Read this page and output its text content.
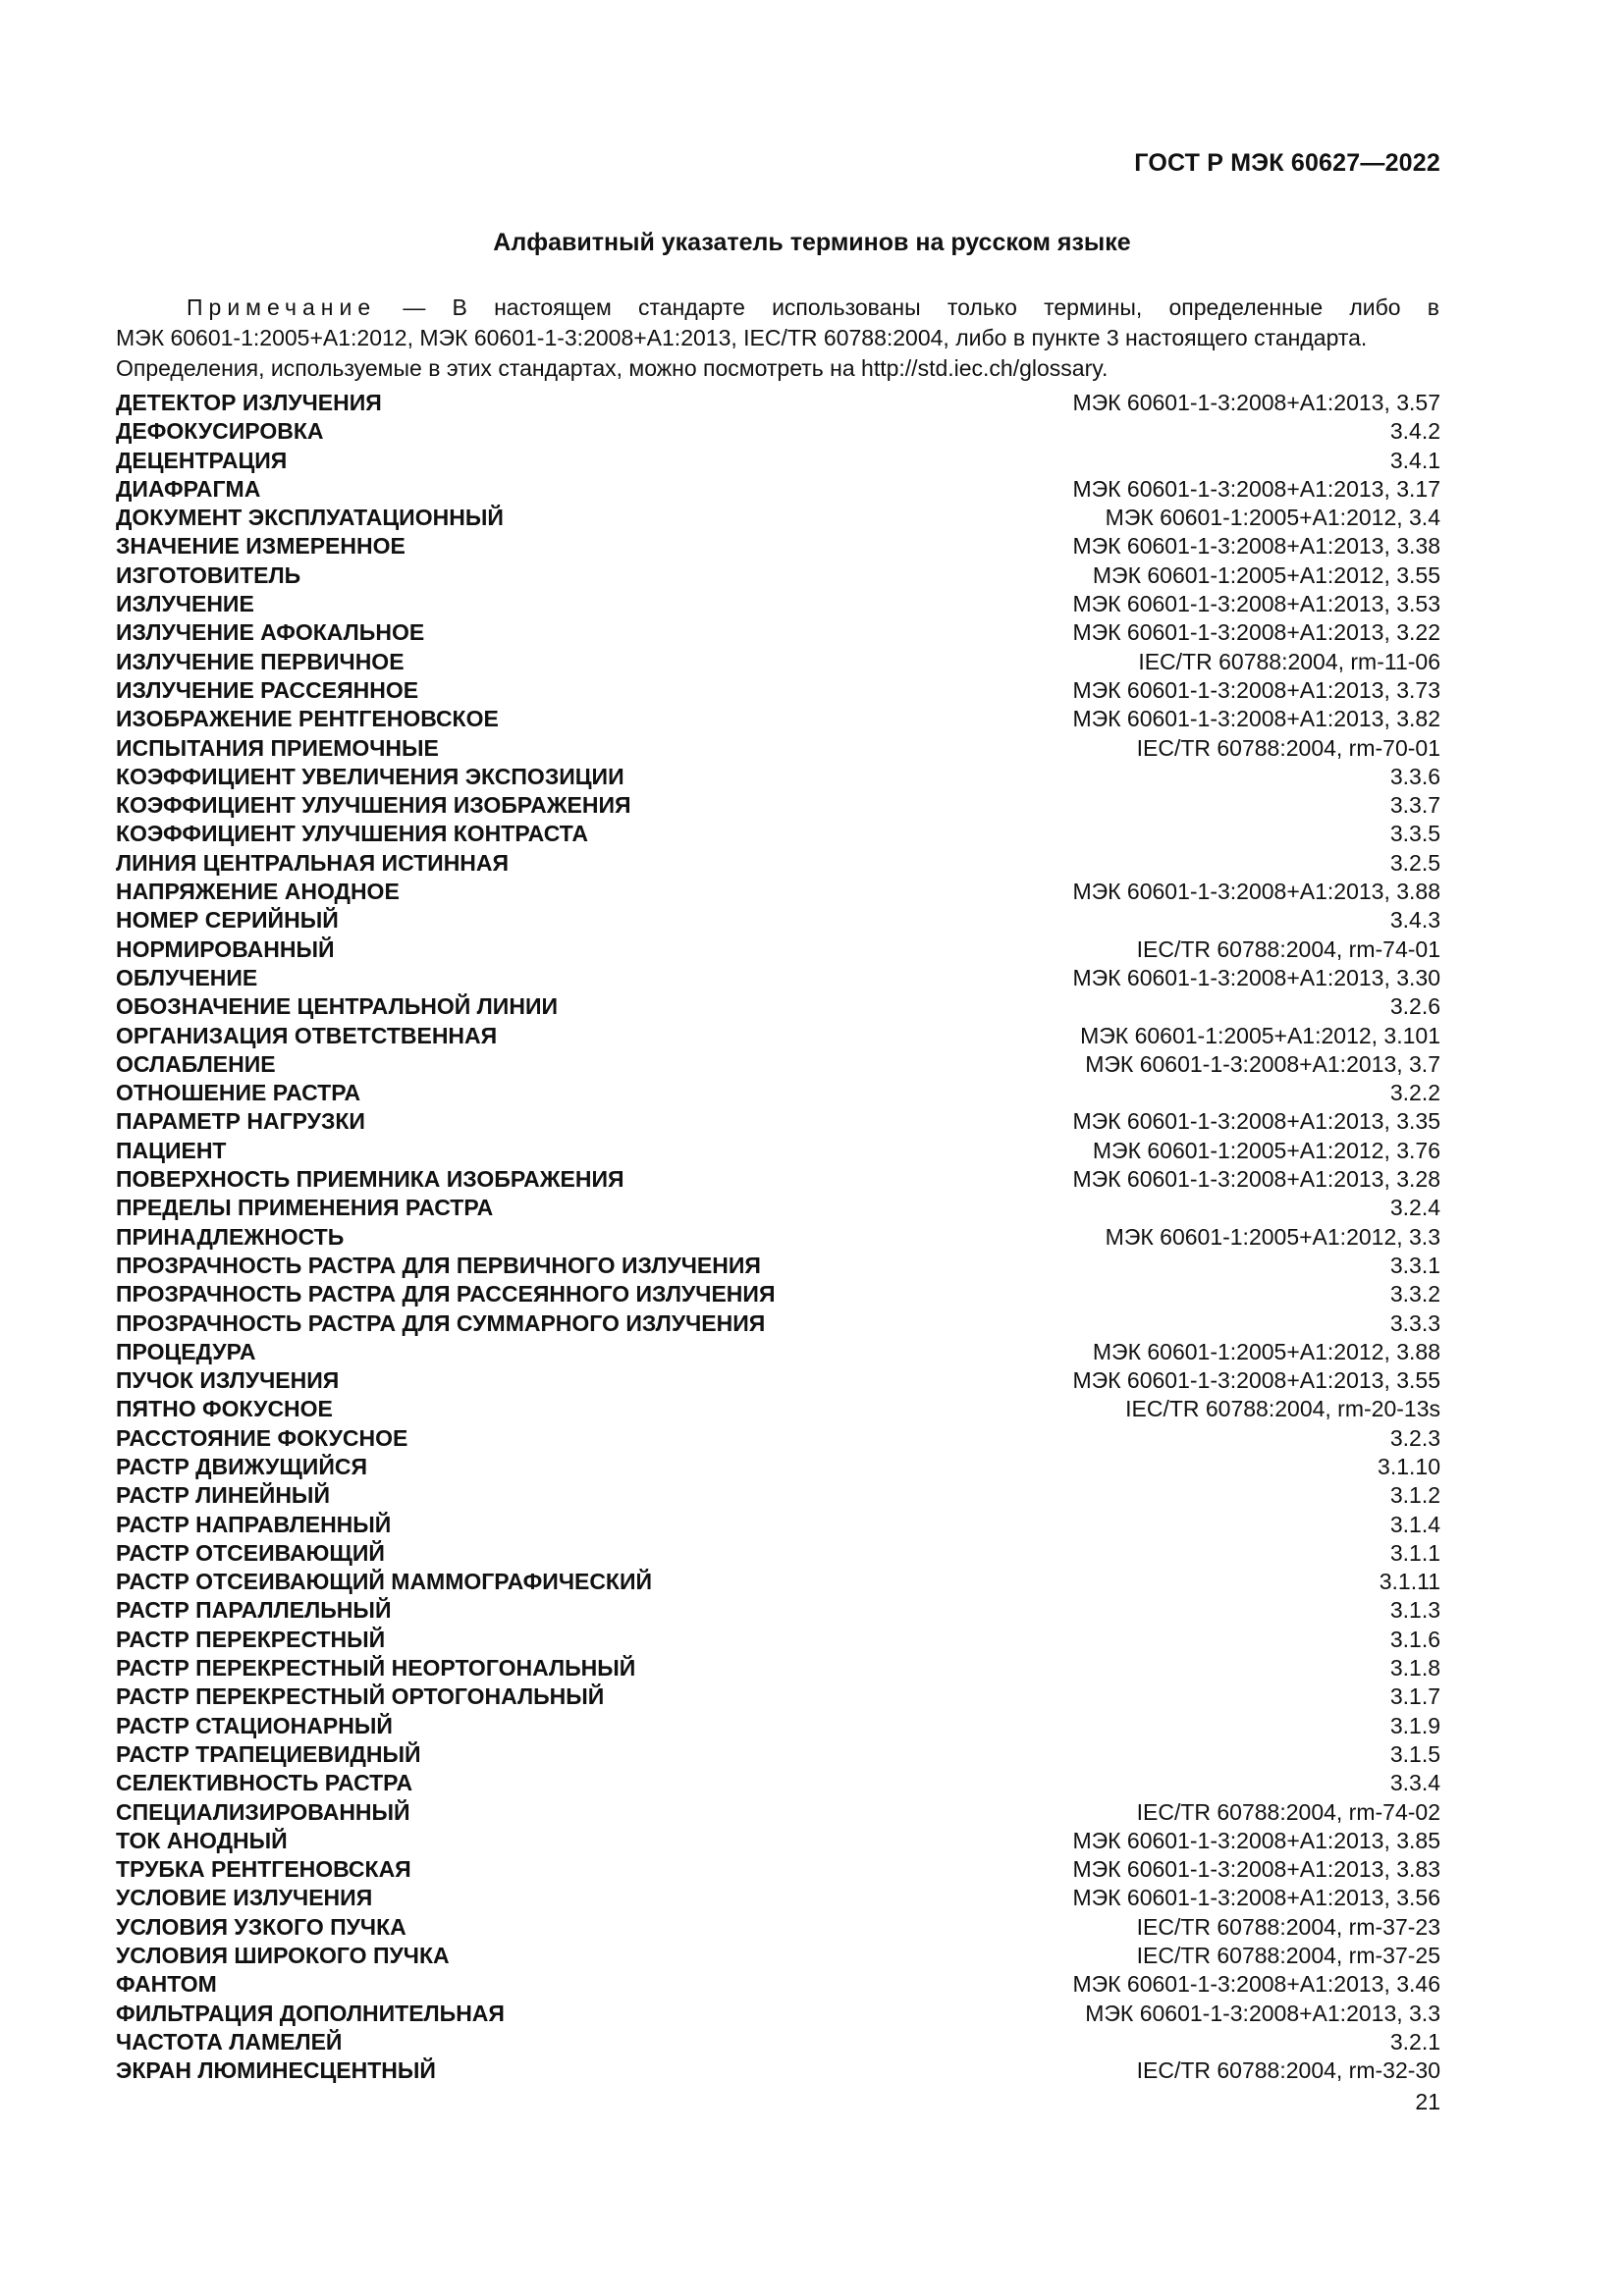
ГОСТ Р МЭК 60627—2022
Алфавитный указатель терминов на русском языке
Примечание — В настоящем стандарте использованы только термины, определенные либо в
МЭК 60601-1:2005+А1:2012, МЭК 60601-1-3:2008+А1:2013, IEC/TR 60788:2004, либо в пункте 3 настоящего стандарта.
Определения, используемые в этих стандартах, можно посмотреть на http://std.iec.ch/glossary.
ДЕТЕКТОР ИЗЛУЧЕНИЯ	МЭК 60601-1-3:2008+А1:2013, 3.57
ДЕФОКУСИРОВКА	3.4.2
ДЕЦЕНТРАЦИЯ	3.4.1
ДИАФРАГМА	МЭК 60601-1-3:2008+А1:2013, 3.17
ДОКУМЕНТ ЭКСПЛУАТАЦИОННЫЙ	МЭК 60601-1:2005+А1:2012, 3.4
ЗНАЧЕНИЕ ИЗМЕРЕННОЕ	МЭК 60601-1-3:2008+А1:2013, 3.38
ИЗГОТОВИТЕЛЬ	МЭК 60601-1:2005+А1:2012, 3.55
ИЗЛУЧЕНИЕ	МЭК 60601-1-3:2008+А1:2013, 3.53
ИЗЛУЧЕНИЕ АФОКАЛЬНОЕ	МЭК 60601-1-3:2008+А1:2013, 3.22
ИЗЛУЧЕНИЕ ПЕРВИЧНОЕ	IEC/TR 60788:2004, rm-11-06
ИЗЛУЧЕНИЕ РАССЕЯННОЕ	МЭК 60601-1-3:2008+А1:2013, 3.73
ИЗОБРАЖЕНИЕ РЕНТГЕНОВСКОЕ	МЭК 60601-1-3:2008+А1:2013, 3.82
ИСПЫТАНИЯ ПРИЕМОЧНЫЕ	IEC/TR 60788:2004, rm-70-01
КОЭФФИЦИЕНТ УВЕЛИЧЕНИЯ ЭКСПОЗИЦИИ	3.3.6
КОЭФФИЦИЕНТ УЛУЧШЕНИЯ ИЗОБРАЖЕНИЯ	3.3.7
КОЭФФИЦИЕНТ УЛУЧШЕНИЯ КОНТРАСТА	3.3.5
ЛИНИЯ ЦЕНТРАЛЬНАЯ ИСТИННАЯ	3.2.5
НАПРЯЖЕНИЕ АНОДНОЕ	МЭК 60601-1-3:2008+А1:2013, 3.88
НОМЕР СЕРИЙНЫЙ	3.4.3
НОРМИРОВАННЫЙ	IEC/TR 60788:2004, rm-74-01
ОБЛУЧЕНИЕ	МЭК 60601-1-3:2008+А1:2013, 3.30
ОБОЗНАЧЕНИЕ ЦЕНТРАЛЬНОЙ ЛИНИИ	3.2.6
ОРГАНИЗАЦИЯ ОТВЕТСТВЕННАЯ	МЭК 60601-1:2005+А1:2012, 3.101
ОСЛАБЛЕНИЕ	МЭК 60601-1-3:2008+А1:2013, 3.7
ОТНОШЕНИЕ РАСТРА	3.2.2
ПАРАМЕТР НАГРУЗКИ	МЭК 60601-1-3:2008+А1:2013, 3.35
ПАЦИЕНТ	МЭК 60601-1:2005+А1:2012, 3.76
ПОВЕРХНОСТЬ ПРИЕМНИКА ИЗОБРАЖЕНИЯ	МЭК 60601-1-3:2008+А1:2013, 3.28
ПРЕДЕЛЫ ПРИМЕНЕНИЯ РАСТРА	3.2.4
ПРИНАДЛЕЖНОСТЬ	МЭК 60601-1:2005+А1:2012, 3.3
ПРОЗРАЧНОСТЬ РАСТРА ДЛЯ ПЕРВИЧНОГО ИЗЛУЧЕНИЯ	3.3.1
ПРОЗРАЧНОСТЬ РАСТРА ДЛЯ РАССЕЯННОГО ИЗЛУЧЕНИЯ	3.3.2
ПРОЗРАЧНОСТЬ РАСТРА ДЛЯ СУММАРНОГО ИЗЛУЧЕНИЯ	3.3.3
ПРОЦЕДУРА	МЭК 60601-1:2005+А1:2012, 3.88
ПУЧОК ИЗЛУЧЕНИЯ	МЭК 60601-1-3:2008+А1:2013, 3.55
ПЯТНО ФОКУСНОЕ	IEC/TR 60788:2004, rm-20-13s
РАССТОЯНИЕ ФОКУСНОЕ	3.2.3
РАСТР ДВИЖУЩИЙСЯ	3.1.10
РАСТР ЛИНЕЙНЫЙ	3.1.2
РАСТР НАПРАВЛЕННЫЙ	3.1.4
РАСТР ОТСЕИВАЮЩИЙ	3.1.1
РАСТР ОТСЕИВАЮЩИЙ МАММОГРАФИЧЕСКИЙ	3.1.11
РАСТР ПАРАЛЛЕЛЬНЫЙ	3.1.3
РАСТР ПЕРЕКРЕСТНЫЙ	3.1.6
РАСТР ПЕРЕКРЕСТНЫЙ НЕОРТОГОНАЛЬНЫЙ	3.1.8
РАСТР ПЕРЕКРЕСТНЫЙ ОРТОГОНАЛЬНЫЙ	3.1.7
РАСТР СТАЦИОНАРНЫЙ	3.1.9
РАСТР ТРАПЕЦИЕВИДНЫЙ	3.1.5
СЕЛЕКТИВНОСТЬ РАСТРА	3.3.4
СПЕЦИАЛИЗИРОВАННЫЙ	IEC/TR 60788:2004, rm-74-02
ТОК АНОДНЫЙ	МЭК 60601-1-3:2008+А1:2013, 3.85
ТРУБКА РЕНТГЕНОВСКАЯ	МЭК 60601-1-3:2008+А1:2013, 3.83
УСЛОВИЕ ИЗЛУЧЕНИЯ	МЭК 60601-1-3:2008+А1:2013, 3.56
УСЛОВИЯ УЗКОГО ПУЧКА	IEC/TR 60788:2004, rm-37-23
УСЛОВИЯ ШИРОКОГО ПУЧКА	IEC/TR 60788:2004, rm-37-25
ФАНТОМ	МЭК 60601-1-3:2008+А1:2013, 3.46
ФИЛЬТРАЦИЯ ДОПОЛНИТЕЛЬНАЯ	МЭК 60601-1-3:2008+А1:2013, 3.3
ЧАСТОТА ЛАМЕЛЕЙ	3.2.1
ЭКРАН ЛЮМИНЕСЦЕНТНЫЙ	IEC/TR 60788:2004, rm-32-30
21
